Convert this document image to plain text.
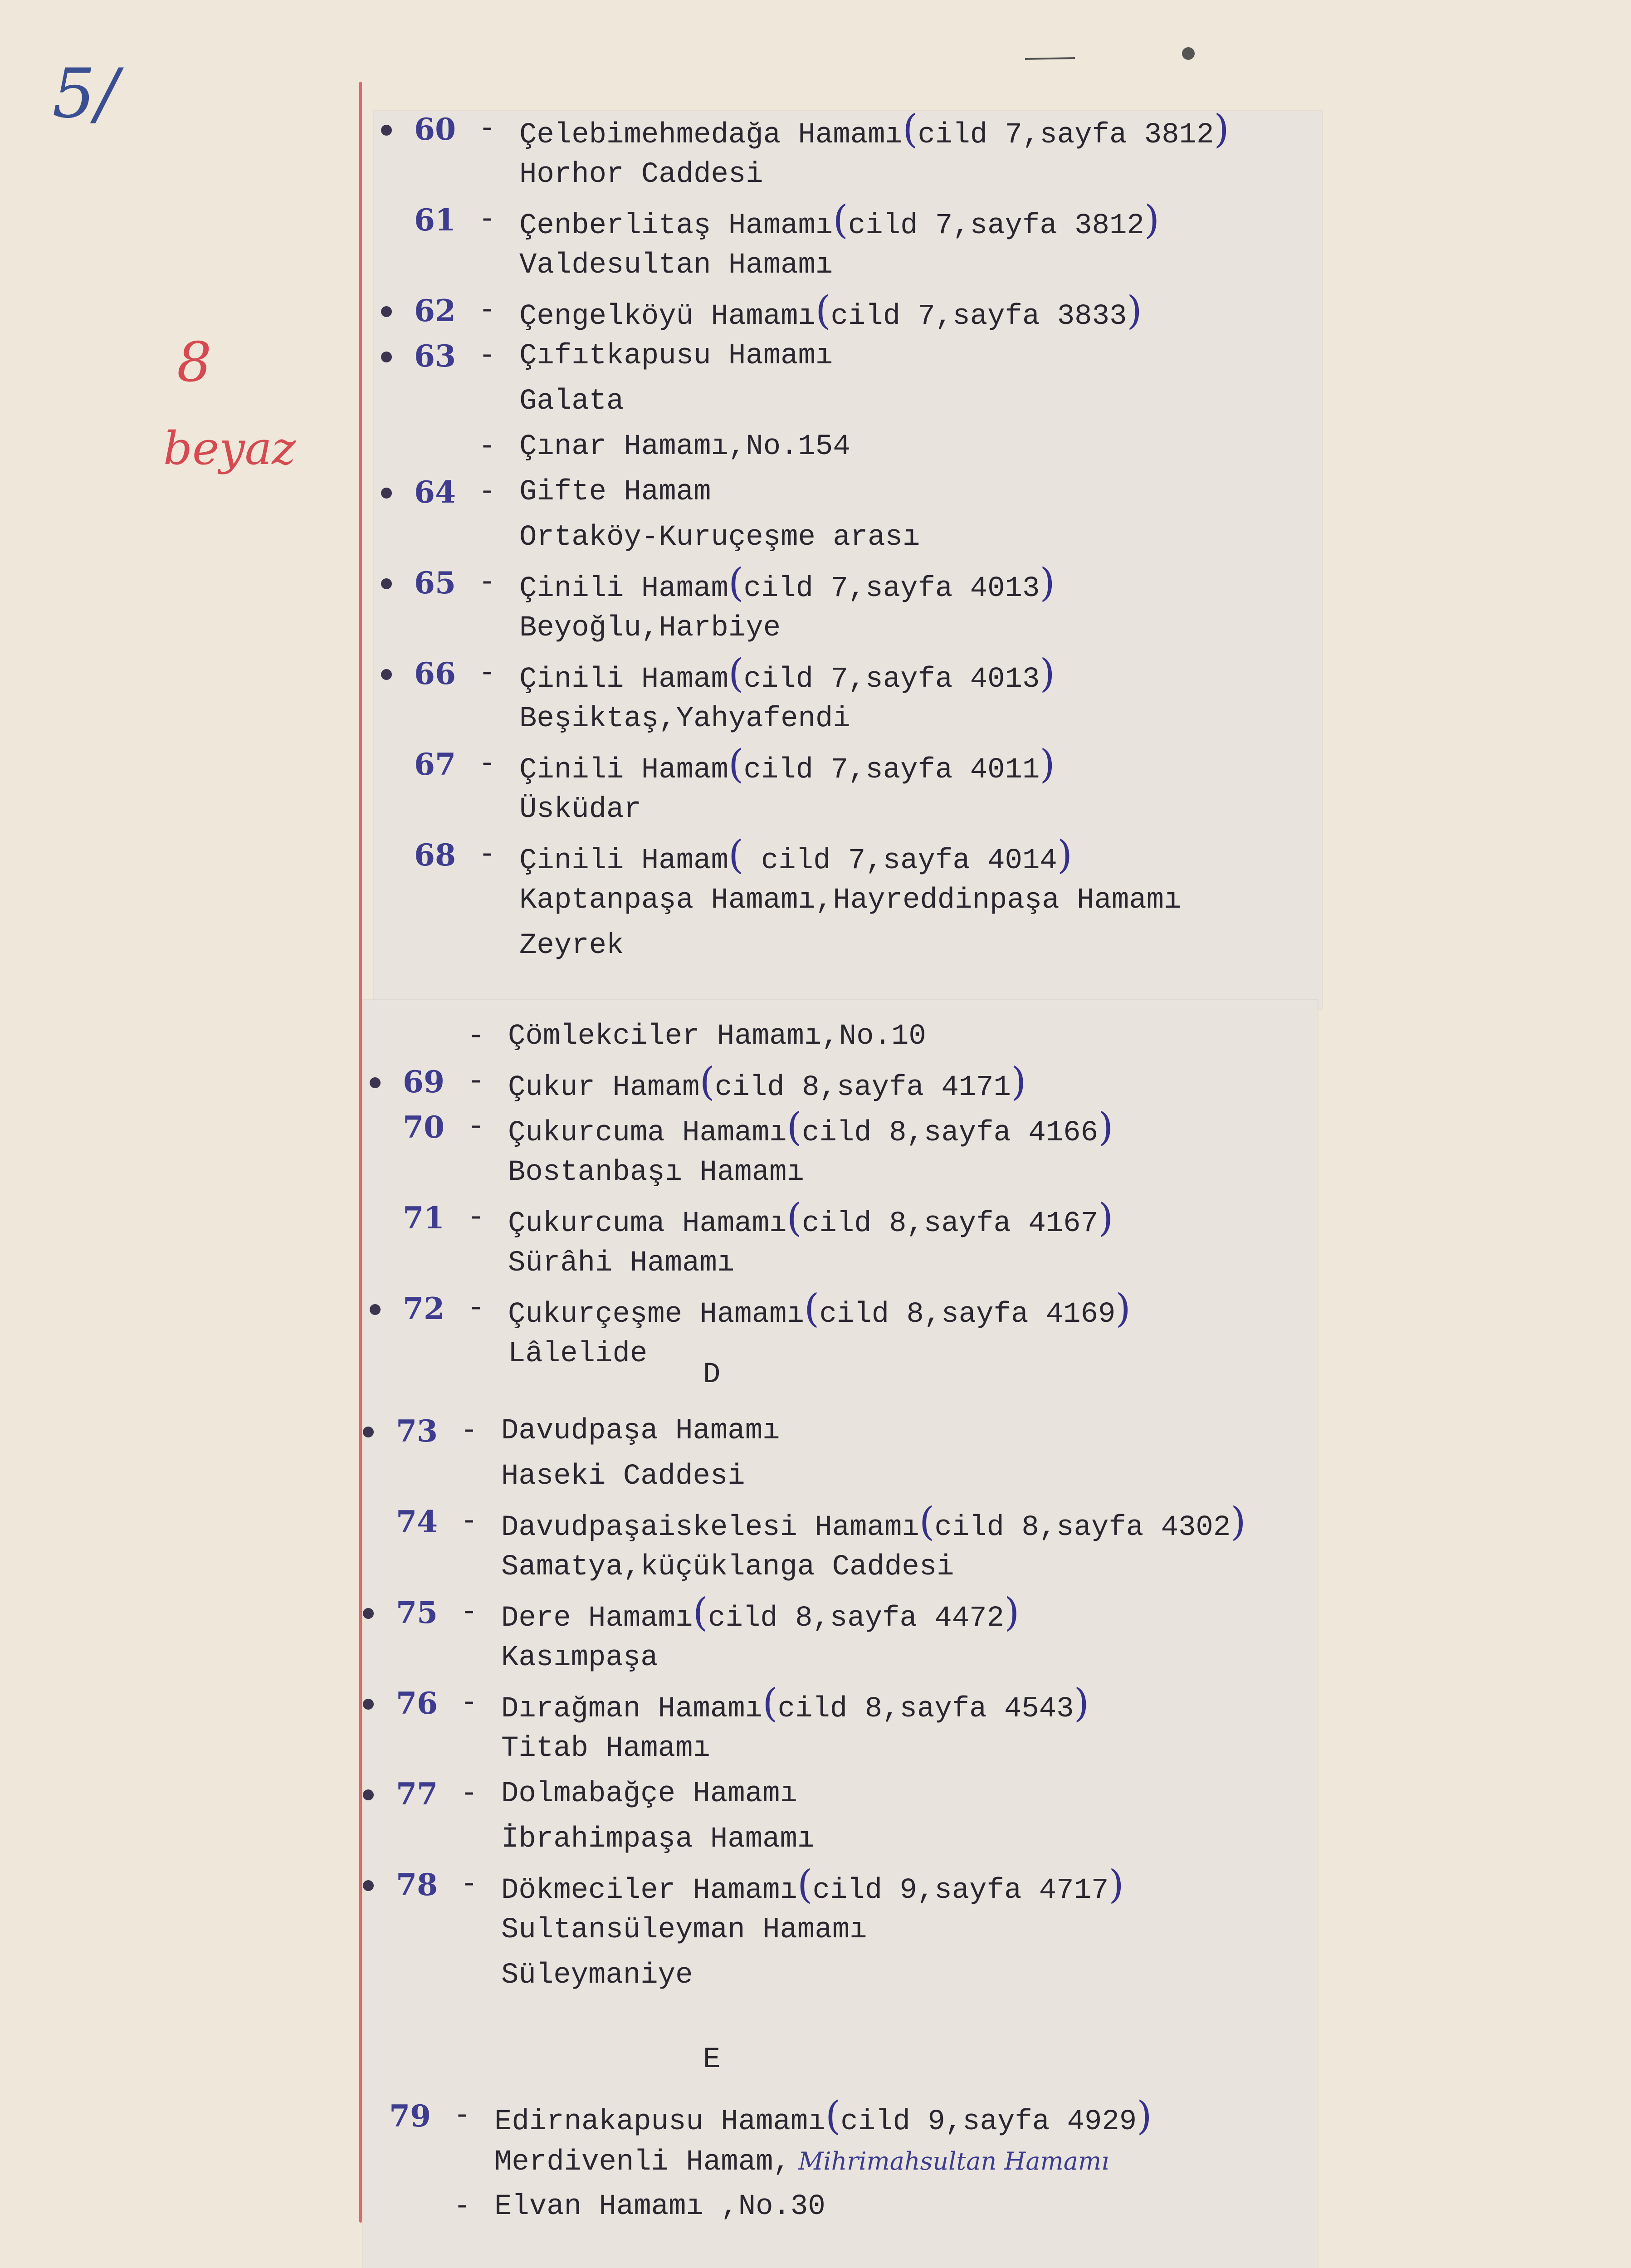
5/
8
beyaz
60 - Çelebimehmedağa Hamamı(cild 7,sayfa 3812)
Horhor Caddesi
61 - Çenberlitaş Hamamı(cild 7,sayfa 3812)
Valdesultan Hamamı
62 - Çengelköyü Hamamı(cild 7,sayfa 3833)
63 - Çıfıtkapusu Hamamı
Galata
- Çınar Hamamı,No.154
64 - Gifte Hamam
Ortaköy-Kuruçeşme arası
65 - Çinili Hamam(cild 7,sayfa 4013)
Beyoğlu,Harbiye
66 - Çinili Hamam(cild 7,sayfa 4013)
Beşiktaş,Yahyafendi
67 - Çinili Hamam(cild 7,sayfa 4011)
Üsküdar
68 - Çinili Hamam( cild 7,sayfa 4014)
Kaptanpaşa Hamamı,Hayreddinpaşa Hamamı
Zeyrek
- Çömlekciler Hamamı,No.10
69 - Çukur Hamam(cild 8,sayfa 4171)
70 - Çukurcuma Hamamı(cild 8,sayfa 4166)
Bostanbaşı Hamamı
71 - Çukurcuma Hamamı(cild 8,sayfa 4167)
Sürâhi Hamamı
72 - Çukurçeşme Hamamı(cild 8,sayfa 4169)
Lâlelide
D
73 - Davudpaşa Hamamı
Haseki Caddesi
74 - Davudpaşaiskelesi Hamamı(cild 8,sayfa 4302)
Samatya,küçüklanga Caddesi
75 - Dere Hamamı(cild 8,sayfa 4472)
Kasımpaşa
76 - Dırağman Hamamı(cild 8,sayfa 4543)
Titab Hamamı
77 - Dolmabağçe Hamamı
İbrahimpaşa Hamamı
78 - Dökmeciler Hamamı(cild 9,sayfa 4717)
Sultansüleyman Hamamı
Süleymaniye
E
79 - Edirnakapusu Hamamı(cild 9,sayfa 4929)
Merdivenli Hamam, Mihrimahsultan Hamamı
- Elvan Hamamı ,No.30
